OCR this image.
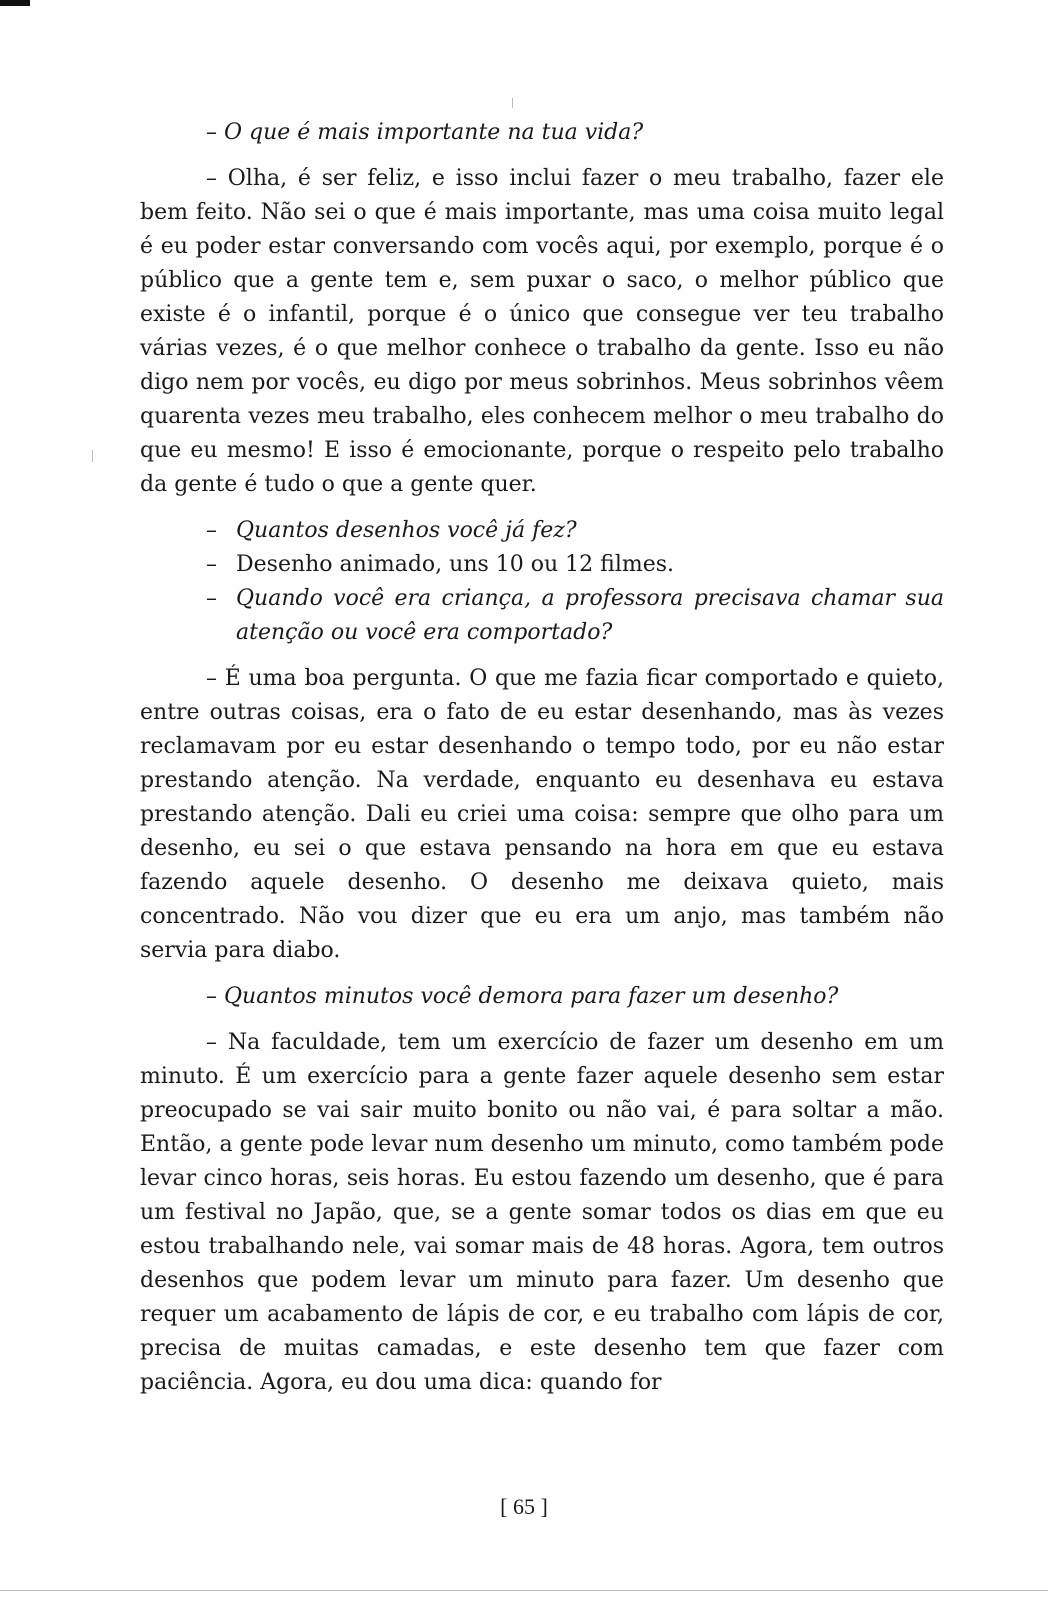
– O que é mais importante na tua vida?

– Olha, é ser feliz, e isso inclui fazer o meu trabalho, fazer ele bem feito. Não sei o que é mais importante, mas uma coisa muito legal é eu poder estar conversando com vocês aqui, por exemplo, porque é o público que a gente tem e, sem puxar o saco, o melhor público que existe é o infantil, porque é o único que consegue ver teu trabalho várias vezes, é o que melhor conhece o trabalho da gente. Isso eu não digo nem por vocês, eu digo por meus sobrinhos. Meus sobrinhos vêem quarenta vezes meu trabalho, eles conhecem melhor o meu trabalho do que eu mesmo! E isso é emocionante, porque o respeito pelo trabalho da gente é tudo o que a gente quer.

– Quantos desenhos você já fez?
– Desenho animado, uns 10 ou 12 filmes.
– Quando você era criança, a professora precisava chamar sua atenção ou você era comportado?

– É uma boa pergunta. O que me fazia ficar comportado e quieto, entre outras coisas, era o fato de eu estar desenhando, mas às vezes reclamavam por eu estar desenhando o tempo todo, por eu não estar prestando atenção. Na verdade, enquanto eu desenhava eu estava prestando atenção. Dali eu criei uma coisa: sempre que olho para um desenho, eu sei o que estava pensando na hora em que eu estava fazendo aquele desenho. O desenho me deixava quieto, mais concentrado. Não vou dizer que eu era um anjo, mas também não servia para diabo.

– Quantos minutos você demora para fazer um desenho?

– Na faculdade, tem um exercício de fazer um desenho em um minuto. É um exercício para a gente fazer aquele desenho sem estar preocupado se vai sair muito bonito ou não vai, é para soltar a mão. Então, a gente pode levar num desenho um minuto, como também pode levar cinco horas, seis horas. Eu estou fazendo um desenho, que é para um festival no Japão, que, se a gente somar todos os dias em que eu estou trabalhando nele, vai somar mais de 48 horas. Agora, tem outros desenhos que podem levar um minuto para fazer. Um desenho que requer um acabamento de lápis de cor, e eu trabalho com lápis de cor, precisa de muitas camadas, e este desenho tem que fazer com paciência. Agora, eu dou uma dica: quando for

[ 65 ]
